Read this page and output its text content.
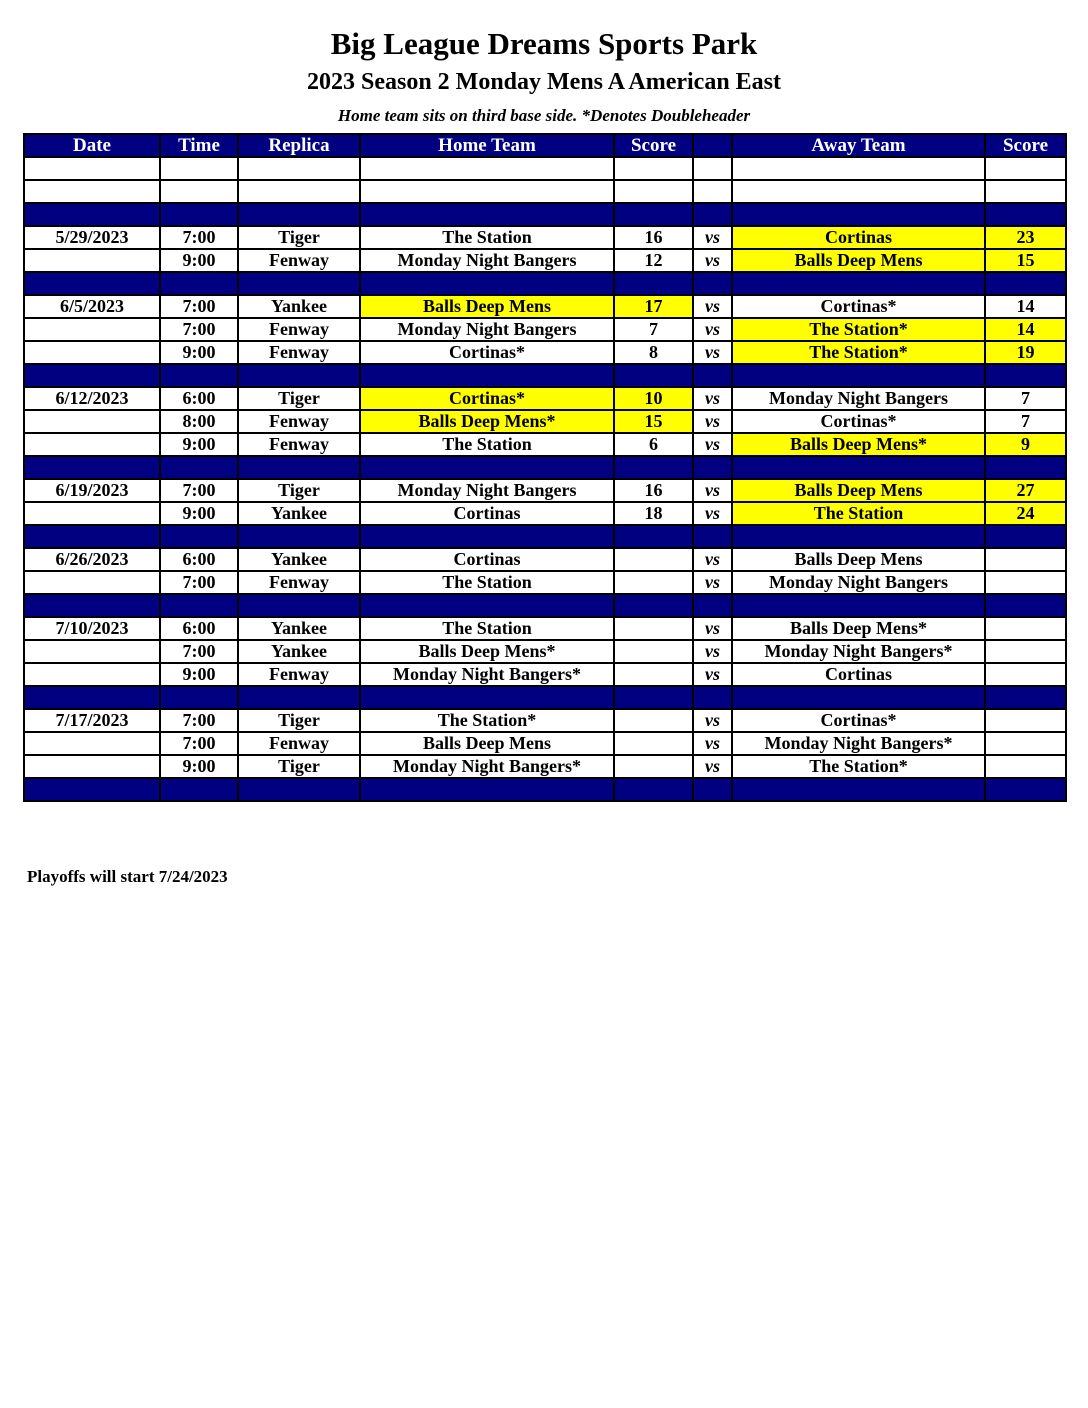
Big League Dreams Sports Park
2023 Season 2 Monday Mens A American East
Home team sits on third base side. *Denotes Doubleheader
Date	Time	Replica	Home Team	Score		Away Team	Score

5/29/2023	7:00	Tiger	The Station	16	vs	Cortinas	23
	9:00	Fenway	Monday Night Bangers	12	vs	Balls Deep Mens	15

6/5/2023	7:00	Yankee	Balls Deep Mens	17	vs	Cortinas*	14
	7:00	Fenway	Monday Night Bangers	7	vs	The Station*	14
	9:00	Fenway	Cortinas*	8	vs	The Station*	19

6/12/2023	6:00	Tiger	Cortinas*	10	vs	Monday Night Bangers	7
	8:00	Fenway	Balls Deep Mens*	15	vs	Cortinas*	7
	9:00	Fenway	The Station	6	vs	Balls Deep Mens*	9

6/19/2023	7:00	Tiger	Monday Night Bangers	16	vs	Balls Deep Mens	27
	9:00	Yankee	Cortinas	18	vs	The Station	24

6/26/2023	6:00	Yankee	Cortinas		vs	Balls Deep Mens	
	7:00	Fenway	The Station		vs	Monday Night Bangers	

7/10/2023	6:00	Yankee	The Station		vs	Balls Deep Mens*	
	7:00	Yankee	Balls Deep Mens*		vs	Monday Night Bangers*	
	9:00	Fenway	Monday Night Bangers*		vs	Cortinas	

7/17/2023	7:00	Tiger	The Station*		vs	Cortinas*	
	7:00	Fenway	Balls Deep Mens		vs	Monday Night Bangers*	
	9:00	Tiger	Monday Night Bangers*		vs	The Station*	

Playoffs will start 7/24/2023
